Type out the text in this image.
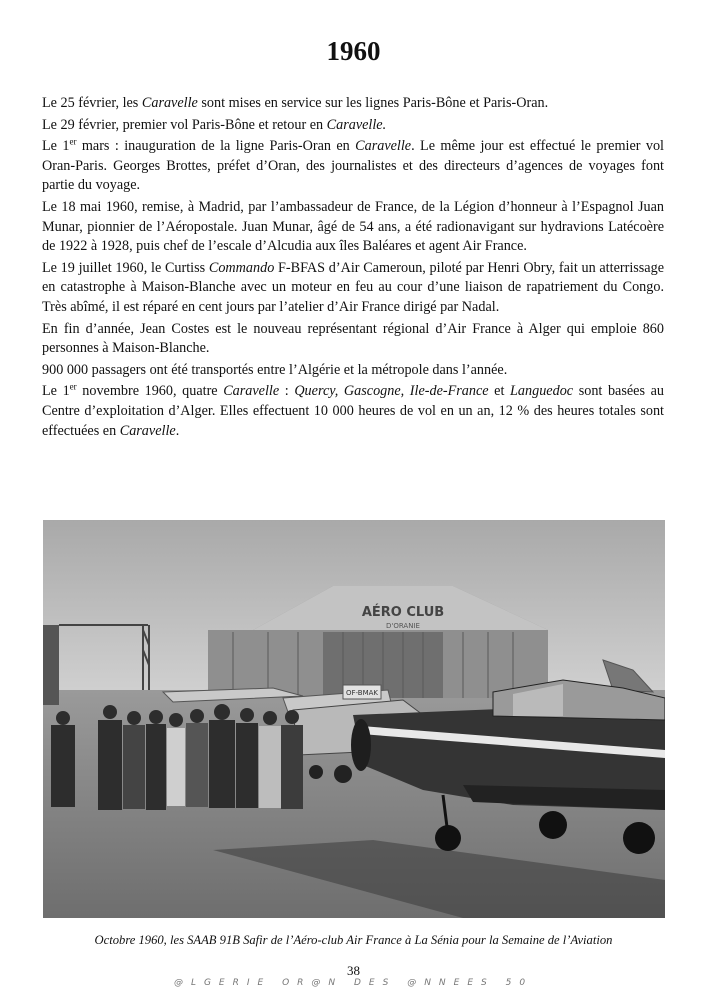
1960

Le 25 février, les Caravelle sont mises en service sur les lignes Paris-Bône et Paris-Oran.

Le 29 février, premier vol Paris-Bône et retour en Caravelle.

Le 1er mars : inauguration de la ligne Paris-Oran en Caravelle. Le même jour est effectué le premier vol Oran-Paris. Georges Brottes, préfet d’Oran, des journalistes et des directeurs d’agences de voyages font partie du voyage.

Le 18 mai 1960, remise, à Madrid, par l’ambassadeur de France, de la Légion d’honneur à l’Espagnol Juan Munar, pionnier de l’Aéropostale. Juan Munar, âgé de 54 ans, a été radionavigant sur hydravions Latécoère de 1922 à 1928, puis chef de l’escale d’Alcudia aux îles Baléares et agent Air France.

Le 19 juillet 1960, le Curtiss Commando F-BFAS d’Air Cameroun, piloté par Henri Obry, fait un atterrissage en catastrophe à Maison-Blanche avec un moteur en feu au cour d’une liaison de rapatriement du Congo. Très abîmé, il est réparé en cent jours par l’atelier d’Air France dirigé par Nadal.

En fin d’année, Jean Costes est le nouveau représentant régional d’Air France à Alger qui emploie 860 personnes à Maison-Blanche.

900 000 passagers ont été transportés entre l’Algérie et la métropole dans l’année.

Le 1er novembre 1960, quatre Caravelle : Quercy, Gascogne, Ile-de-France et Languedoc sont basées au Centre d’exploitation d’Alger. Elles effectuent 10 000 heures de vol en un an, 12 % des heures totales sont effectuées en Caravelle.

AÉRO CLUB
D'ORANIE
OF-BMAK
Octobre 1960, les SAAB 91B Safir de l’Aéro-club Air France à La Sénia pour la Semaine de l’Aviation
38
@LGERIE OR@N DES @NNEES 50
